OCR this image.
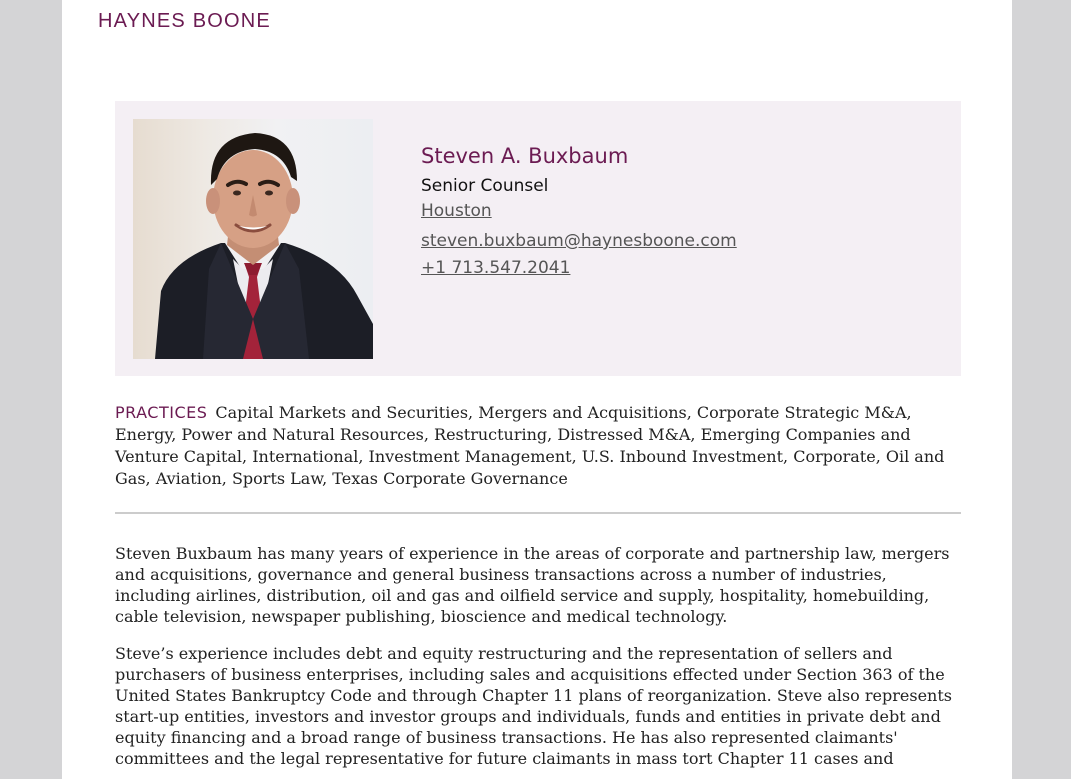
HAYNES BOONE
Steven A. Buxbaum
Senior Counsel
Houston
steven.buxbaum@haynesboone.com
+1 713.547.2041
PRACTICES Capital Markets and Securities, Mergers and Acquisitions, Corporate Strategic M&A, Energy, Power and Natural Resources, Restructuring, Distressed M&A, Emerging Companies and Venture Capital, International, Investment Management, U.S. Inbound Investment, Corporate, Oil and Gas, Aviation, Sports Law, Texas Corporate Governance

Steven Buxbaum has many years of experience in the areas of corporate and partnership law, mergers and acquisitions, governance and general business transactions across a number of industries, including airlines, distribution, oil and gas and oilfield service and supply, hospitality, homebuilding, cable television, newspaper publishing, bioscience and medical technology.

Steve’s experience includes debt and equity restructuring and the representation of sellers and purchasers of business enterprises, including sales and acquisitions effected under Section 363 of the United States Bankruptcy Code and through Chapter 11 plans of reorganization. Steve also represents start-up entities, investors and investor groups and individuals, funds and entities in private debt and equity financing and a broad range of business transactions. He has also represented claimants' committees and the legal representative for future claimants in mass tort Chapter 11 cases and
